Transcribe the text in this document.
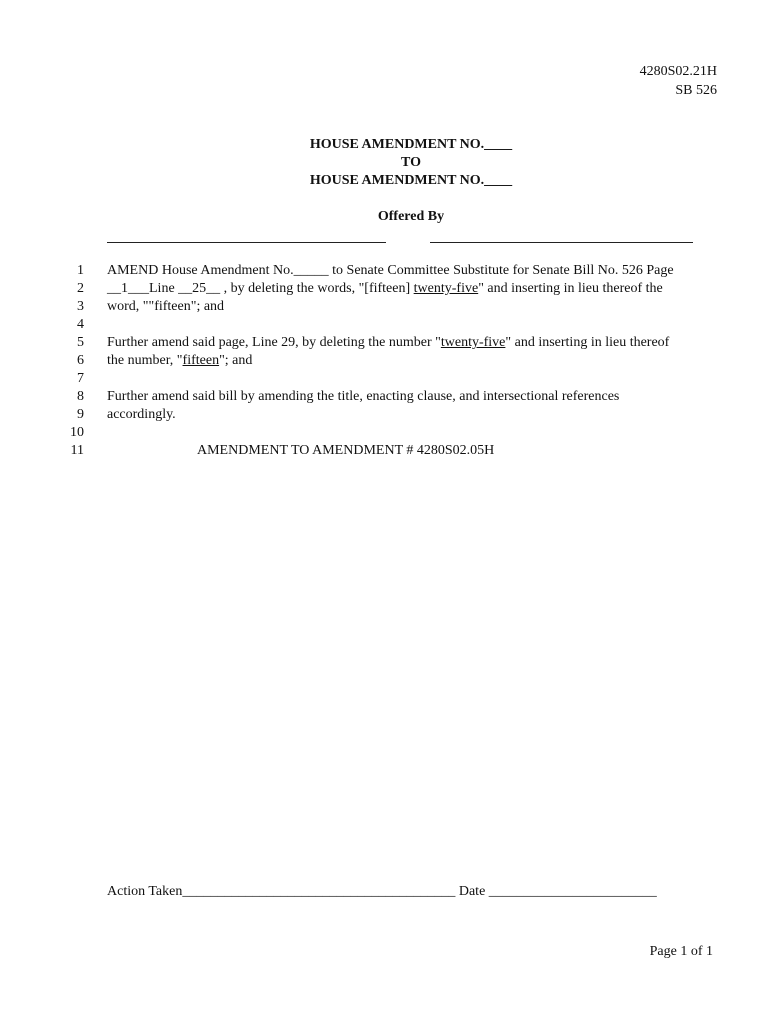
4280S02.21H
SB 526
HOUSE AMENDMENT NO.____
TO
HOUSE AMENDMENT NO.____
Offered By
1 AMEND House Amendment No._____ to Senate Committee Substitute for Senate Bill No. 526 Page
2 __1___Line __25__ , by deleting the words, "[fifteen] twenty-five" and inserting in lieu thereof the
3 word, ""fifteen"; and
4
5 Further amend said page, Line 29, by deleting the number "twenty-five" and inserting in lieu thereof
6 the number, "fifteen"; and
7
8 Further amend said bill by amending the title, enacting clause, and intersectional references
9 accordingly.
10
11	AMENDMENT TO AMENDMENT # 4280S02.05H
Action Taken_______________________________________ Date ________________________
Page 1 of 1
